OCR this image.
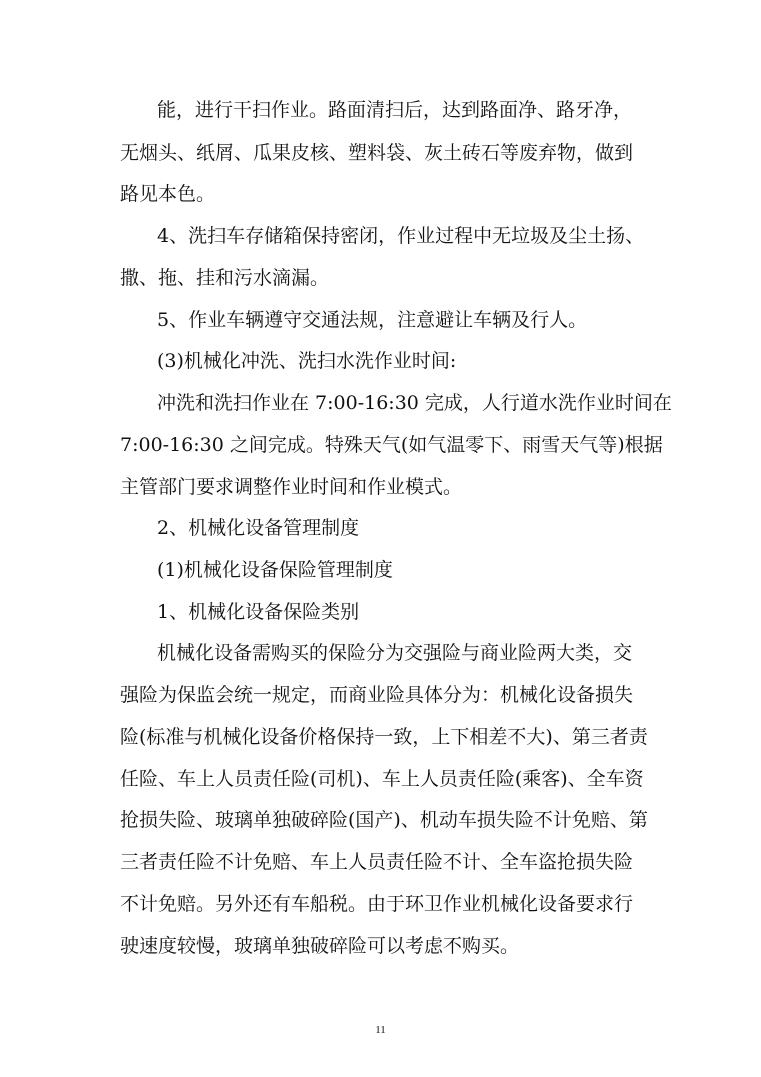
能，进行干扫作业。路面清扫后，达到路面净、路牙净，
无烟头、纸屑、瓜果皮核、塑料袋、灰土砖石等废弃物，做到
路见本色。
4、洗扫车存储箱保持密闭，作业过程中无垃圾及尘土扬、
撒、拖、挂和污水滴漏。
5、作业车辆遵守交通法规，注意避让车辆及行人。
(3)机械化冲洗、洗扫水洗作业时间:
冲洗和洗扫作业在 7:00-16:30 完成，人行道水洗作业时间在
7:00-16:30 之间完成。特殊天气(如气温零下、雨雪天气等)根据
主管部门要求调整作业时间和作业模式。
2、机械化设备管理制度
(1)机械化设备保险管理制度
1、机械化设备保险类别
机械化设备需购买的保险分为交强险与商业险两大类，交
强险为保监会统一规定，而商业险具体分为：机械化设备损失
险(标准与机械化设备价格保持一致，上下相差不大)、第三者责
任险、车上人员责任险(司机)、车上人员责任险(乘客)、全车资
抢损失险、玻璃单独破碎险(国产)、机动车损失险不计免赔、第
三者责任险不计免赔、车上人员责任险不计、全车盗抢损失险
不计免赔。另外还有车船税。由于环卫作业机械化设备要求行
驶速度较慢，玻璃单独破碎险可以考虑不购买。
11
